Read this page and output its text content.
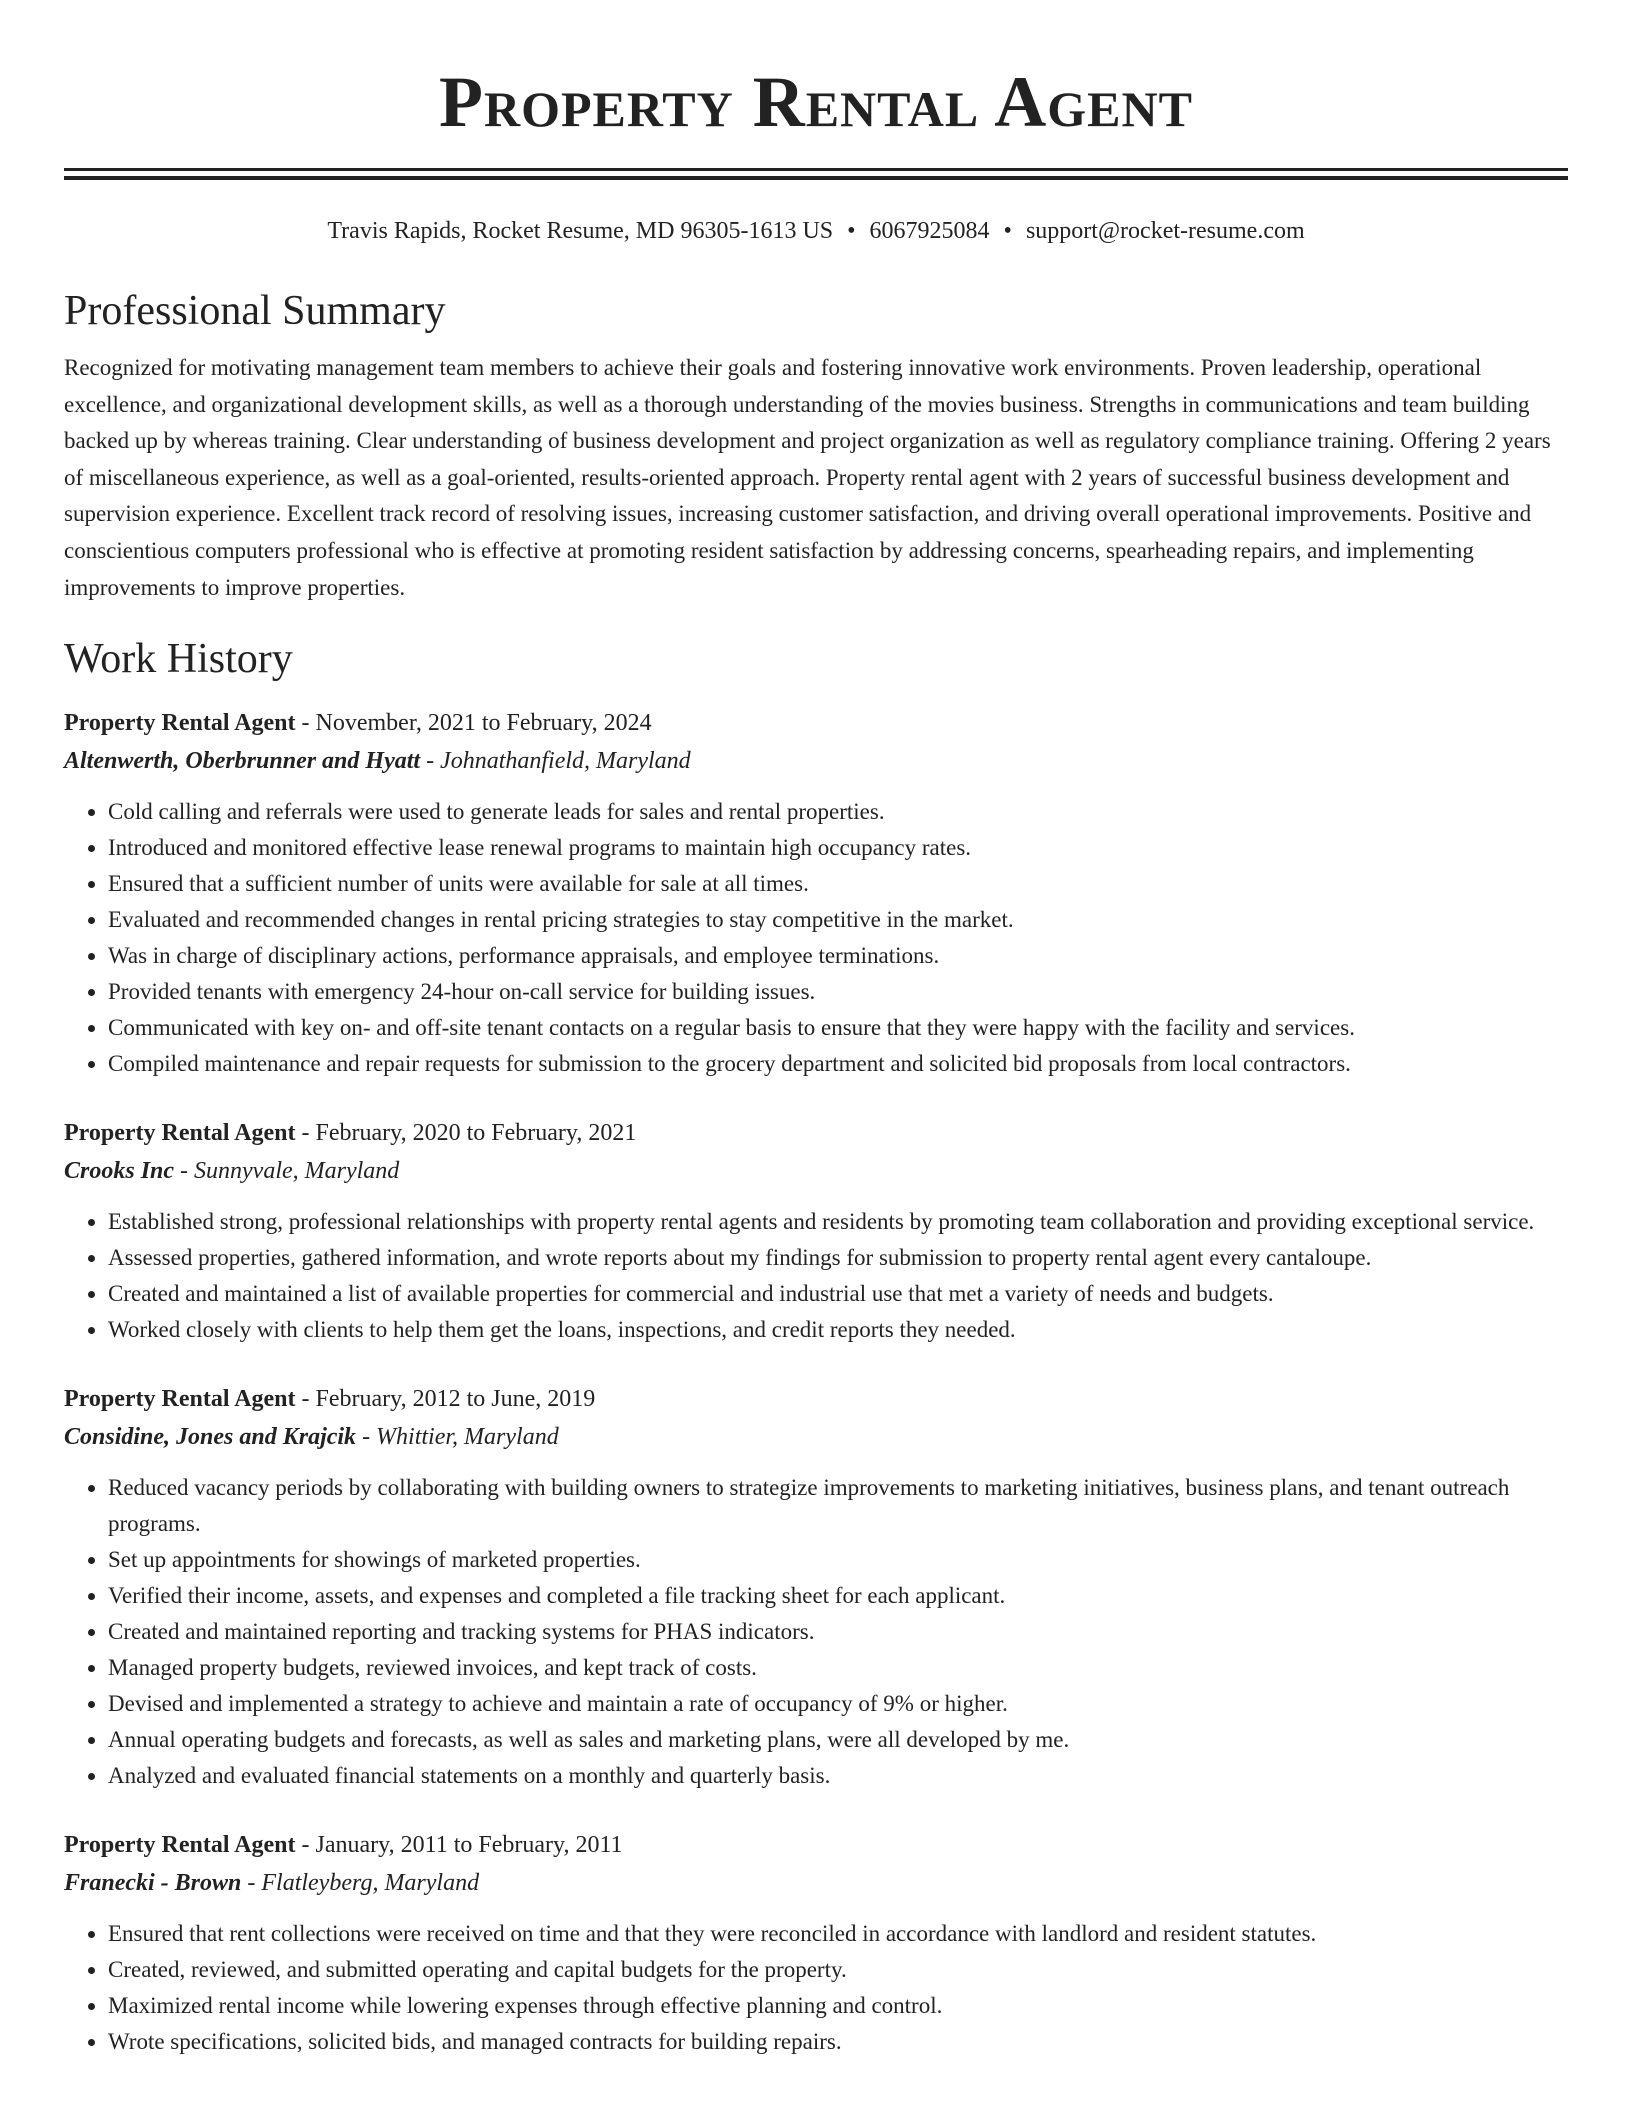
Property Rental Agent
Travis Rapids, Rocket Resume, MD 96305-1613 US • 6067925084 • support@rocket-resume.com
Professional Summary
Recognized for motivating management team members to achieve their goals and fostering innovative work environments. Proven leadership, operational excellence, and organizational development skills, as well as a thorough understanding of the movies business. Strengths in communications and team building backed up by whereas training. Clear understanding of business development and project organization as well as regulatory compliance training. Offering 2 years of miscellaneous experience, as well as a goal-oriented, results-oriented approach. Property rental agent with 2 years of successful business development and supervision experience. Excellent track record of resolving issues, increasing customer satisfaction, and driving overall operational improvements. Positive and conscientious computers professional who is effective at promoting resident satisfaction by addressing concerns, spearheading repairs, and implementing improvements to improve properties.
Work History
Property Rental Agent - November, 2021 to February, 2024
Altenwerth, Oberbrunner and Hyatt - Johnathanfield, Maryland
• Cold calling and referrals were used to generate leads for sales and rental properties.
• Introduced and monitored effective lease renewal programs to maintain high occupancy rates.
• Ensured that a sufficient number of units were available for sale at all times.
• Evaluated and recommended changes in rental pricing strategies to stay competitive in the market.
• Was in charge of disciplinary actions, performance appraisals, and employee terminations.
• Provided tenants with emergency 24-hour on-call service for building issues.
• Communicated with key on- and off-site tenant contacts on a regular basis to ensure that they were happy with the facility and services.
• Compiled maintenance and repair requests for submission to the grocery department and solicited bid proposals from local contractors.
Property Rental Agent - February, 2020 to February, 2021
Crooks Inc - Sunnyvale, Maryland
• Established strong, professional relationships with property rental agents and residents by promoting team collaboration and providing exceptional service.
• Assessed properties, gathered information, and wrote reports about my findings for submission to property rental agent every cantaloupe.
• Created and maintained a list of available properties for commercial and industrial use that met a variety of needs and budgets.
• Worked closely with clients to help them get the loans, inspections, and credit reports they needed.
Property Rental Agent - February, 2012 to June, 2019
Considine, Jones and Krajcik - Whittier, Maryland
• Reduced vacancy periods by collaborating with building owners to strategize improvements to marketing initiatives, business plans, and tenant outreach programs.
• Set up appointments for showings of marketed properties.
• Verified their income, assets, and expenses and completed a file tracking sheet for each applicant.
• Created and maintained reporting and tracking systems for PHAS indicators.
• Managed property budgets, reviewed invoices, and kept track of costs.
• Devised and implemented a strategy to achieve and maintain a rate of occupancy of 9% or higher.
• Annual operating budgets and forecasts, as well as sales and marketing plans, were all developed by me.
• Analyzed and evaluated financial statements on a monthly and quarterly basis.
Property Rental Agent - January, 2011 to February, 2011
Franecki - Brown - Flatleyberg, Maryland
• Ensured that rent collections were received on time and that they were reconciled in accordance with landlord and resident statutes.
• Created, reviewed, and submitted operating and capital budgets for the property.
• Maximized rental income while lowering expenses through effective planning and control.
• Wrote specifications, solicited bids, and managed contracts for building repairs.
